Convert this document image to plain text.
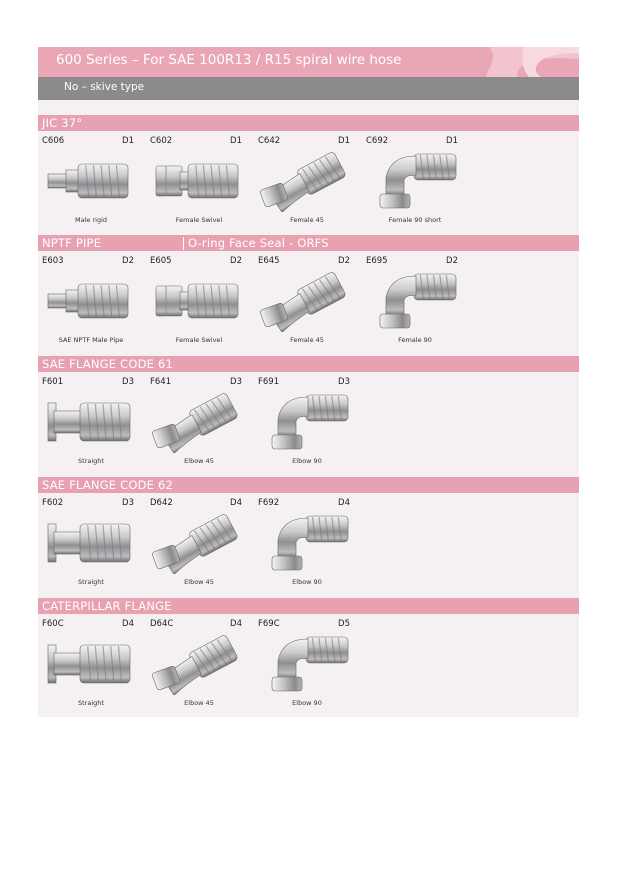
600 Series – For SAE 100R13 / R15 spiral wire hose
No – skive type
JIC 37°
C606	D1
Male rigid
C602	D1
Female Swivel
C642	D1
Female 45
C692	D1
Female 90 short
NPTF PIPE	O-ring Face Seal - ORFS
E603	D2
SAE NPTF Male Pipe
E605	D2
Female Swivel
E645	D2
Female 45
E695	D2
Female 90
SAE FLANGE CODE 61
F601	D3
Straight
F641	D3
Elbow 45
F691	D3
Elbow 90
SAE FLANGE CODE 62
F602	D3
Straight
D642	D4
Elbow 45
F692	D4
Elbow 90
CATERPILLAR FLANGE
F60C	D4
Straight
D64C	D4
Elbow 45
F69C	D5
Elbow 90
